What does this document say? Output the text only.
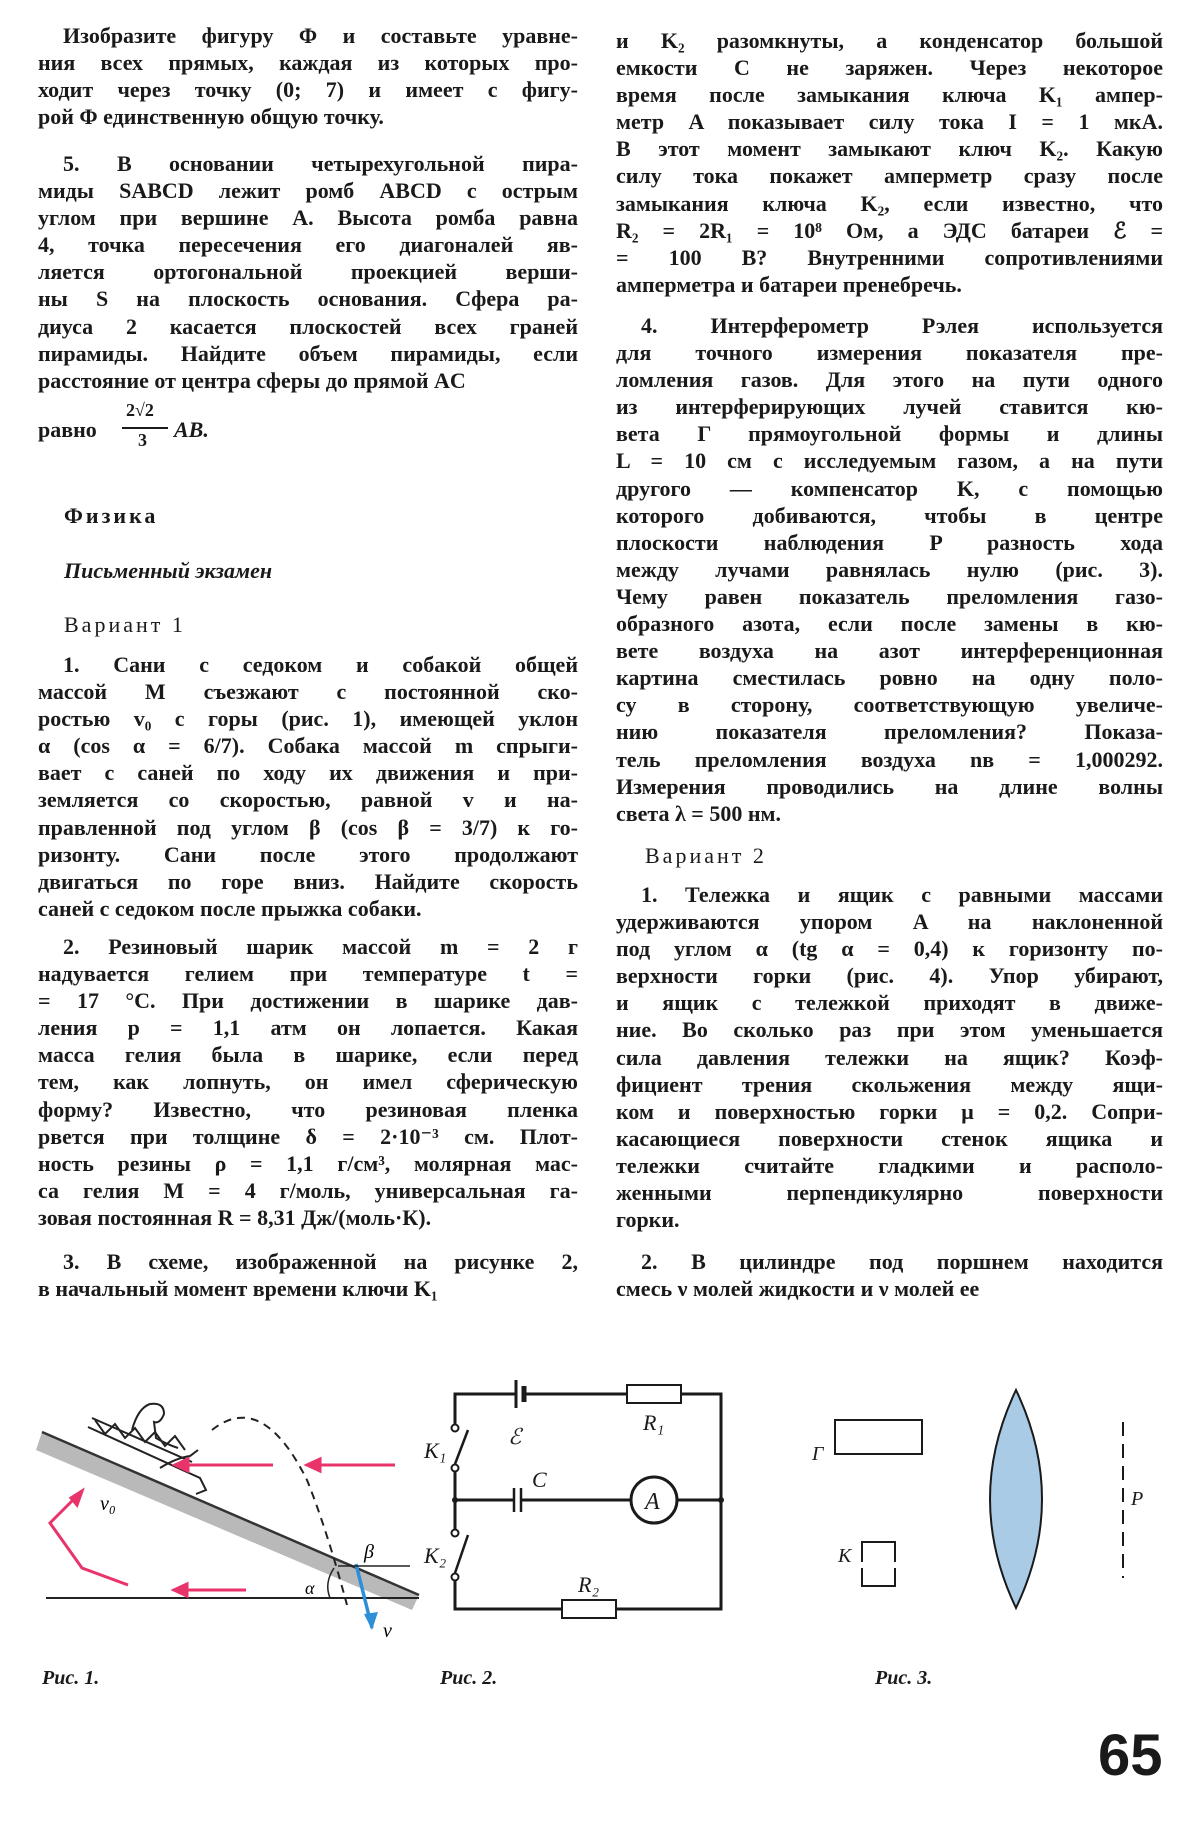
Изобразите фигуру Φ и составьте уравне-
ния всех прямых, каждая из которых про-
ходит через точку (0; 7) и имеет с фигу-
рой Φ единственную общую точку.
5. В основании четырехугольной пира-
миды SABCD лежит ромб ABCD с острым
углом при вершине A. Высота ромба равна
4, точка пересечения его диагоналей яв-
ляется ортогональной проекцией верши-
ны S на плоскость основания. Сфера ра-
диуса 2 касается плоскостей всех граней
пирамиды. Найдите объем пирамиды, если
расстояние от центра сферы до прямой AC
равно
2√2
3 AB.
Физика
Письменный экзамен
Вариант 1
1. Сани с седоком и собакой общей
массой M съезжают с постоянной ско-
ростью v₀ с горы (рис. 1), имеющей уклон
α (cos α = 6/7). Собака массой m спрыги-
вает с саней по ходу их движения и при-
земляется со скоростью, равной v и на-
правленной под углом β (cos β = 3/7) к го-
ризонту. Сани после этого продолжают
двигаться по горе вниз. Найдите скорость
саней с седоком после прыжка собаки.
2. Резиновый шарик массой m = 2 г
надувается гелием при температуре t =
= 17 °C. При достижении в шарике дав-
ления p = 1,1 атм он лопается. Какая
масса гелия была в шарике, если перед
тем, как лопнуть, он имел сферическую
форму? Известно, что резиновая пленка
рвется при толщине δ = 2·10⁻³ см. Плот-
ность резины ρ = 1,1 г/см³, молярная мас-
са гелия M = 4 г/моль, универсальная га-
зовая постоянная R = 8,31 Дж/(моль·К).
3. В схеме, изображенной на рисунке 2,
в начальный момент времени ключи K₁
и K₂ разомкнуты, а конденсатор большой
емкости C не заряжен. Через некоторое
время после замыкания ключа K₁ ампер-
метр A показывает силу тока I = 1 мкА.
В этот момент замыкают ключ K₂. Какую
силу тока покажет амперметр сразу после
замыкания ключа K₂, если известно, что
R₂ = 2R₁ = 10⁸ Ом, а ЭДС батареи ℰ =
= 100 В? Внутренними сопротивлениями
амперметра и батареи пренебречь.
4. Интерферометр Рэлея используется
для точного измерения показателя пре-
ломления газов. Для этого на пути одного
из интерферирующих лучей ставится кю-
вета Γ прямоугольной формы и длины
L = 10 см с исследуемым газом, а на пути
другого — компенсатор K, с помощью
которого добиваются, чтобы в центре
плоскости наблюдения P разность хода
между лучами равнялась нулю (рис. 3).
Чему равен показатель преломления газо-
образного азота, если после замены в кю-
вете воздуха на азот интерференционная
картина сместилась ровно на одну поло-
су в сторону, соответствующую увеличе-
нию показателя преломления? Показа-
тель преломления воздуха nв = 1,000292.
Измерения проводились на длине волны
света λ = 500 нм.
Вариант 2
1. Тележка и ящик с равными массами
удерживаются упором A на наклоненной
под углом α (tg α = 0,4) к горизонту по-
верхности горки (рис. 4). Упор убирают,
и ящик с тележкой приходят в движе-
ние. Во сколько раз при этом уменьшается
сила давления тележки на ящик? Коэф-
фициент трения скольжения между ящи-
ком и поверхностью горки μ = 0,2. Сопри-
касающиеся поверхности стенок ящика и
тележки считайте гладкими и располо-
женными перпендикулярно поверхности
горки.
2. В цилиндре под поршнем находится
смесь ν молей жидкости и ν молей ее
v₀
v
α
β
ℰ
R₁
R₂
K₁
K₂
C
A
Γ
K
P
Рис. 1.	Рис. 2.	Рис. 3.
65
